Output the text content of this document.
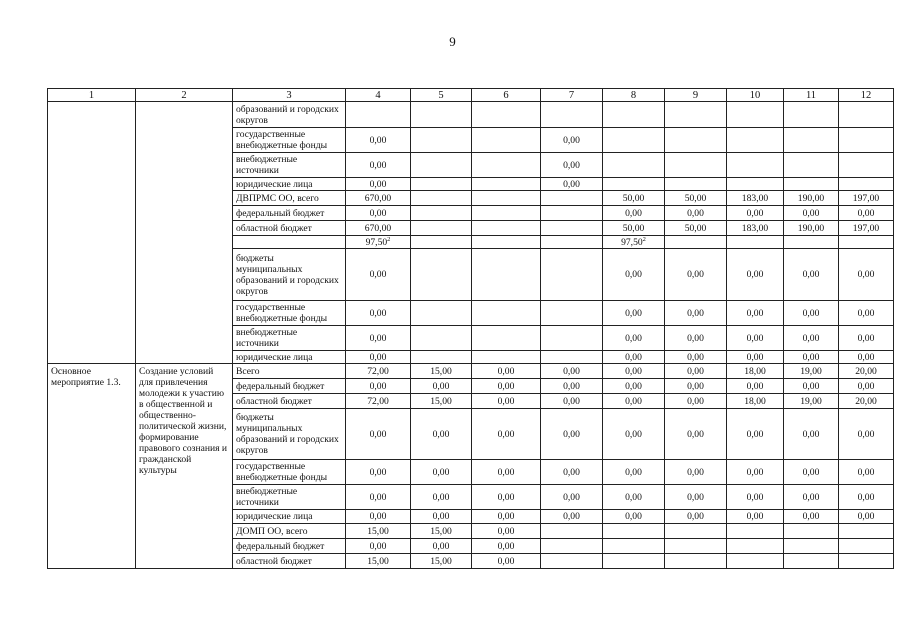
9
1	2	3	4	5	6	7	8	9	10	11	12
		образований и городских округов									
		государственные внебюджетные фонды	0,00			0,00					
		внебюджетные источники	0,00			0,00					
		юридические лица	0,00			0,00					
		ДВПРМС ОО, всего	670,00				50,00	50,00	183,00	190,00	197,00
		федеральный бюджет	0,00				0,00	0,00	0,00	0,00	0,00
		областной бюджет	670,00				50,00	50,00	183,00	190,00	197,00
			97,50$^2$				97,50$^2$				
		бюджеты муниципальных образований и городских округов	0,00				0,00	0,00	0,00	0,00	0,00
		государственные внебюджетные фонды	0,00				0,00	0,00	0,00	0,00	0,00
		внебюджетные источники	0,00				0,00	0,00	0,00	0,00	0,00
		юридические лица	0,00				0,00	0,00	0,00	0,00	0,00
Основное мероприятие 1.3.	Создание условий для привлечения молодежи к участию в общественной и общественно-политической жизни, формирование правового сознания и гражданской культуры	Всего	72,00	15,00	0,00	0,00	0,00	0,00	18,00	19,00	20,00
		федеральный бюджет	0,00	0,00	0,00	0,00	0,00	0,00	0,00	0,00	0,00
		областной бюджет	72,00	15,00	0,00	0,00	0,00	0,00	18,00	19,00	20,00
		бюджеты муниципальных образований и городских округов	0,00	0,00	0,00	0,00	0,00	0,00	0,00	0,00	0,00
		государственные внебюджетные фонды	0,00	0,00	0,00	0,00	0,00	0,00	0,00	0,00	0,00
		внебюджетные источники	0,00	0,00	0,00	0,00	0,00	0,00	0,00	0,00	0,00
		юридические лица	0,00	0,00	0,00	0,00	0,00	0,00	0,00	0,00	0,00
		ДОМП ОО, всего	15,00	15,00	0,00						
		федеральный бюджет	0,00	0,00	0,00						
		областной бюджет	15,00	15,00	0,00						
